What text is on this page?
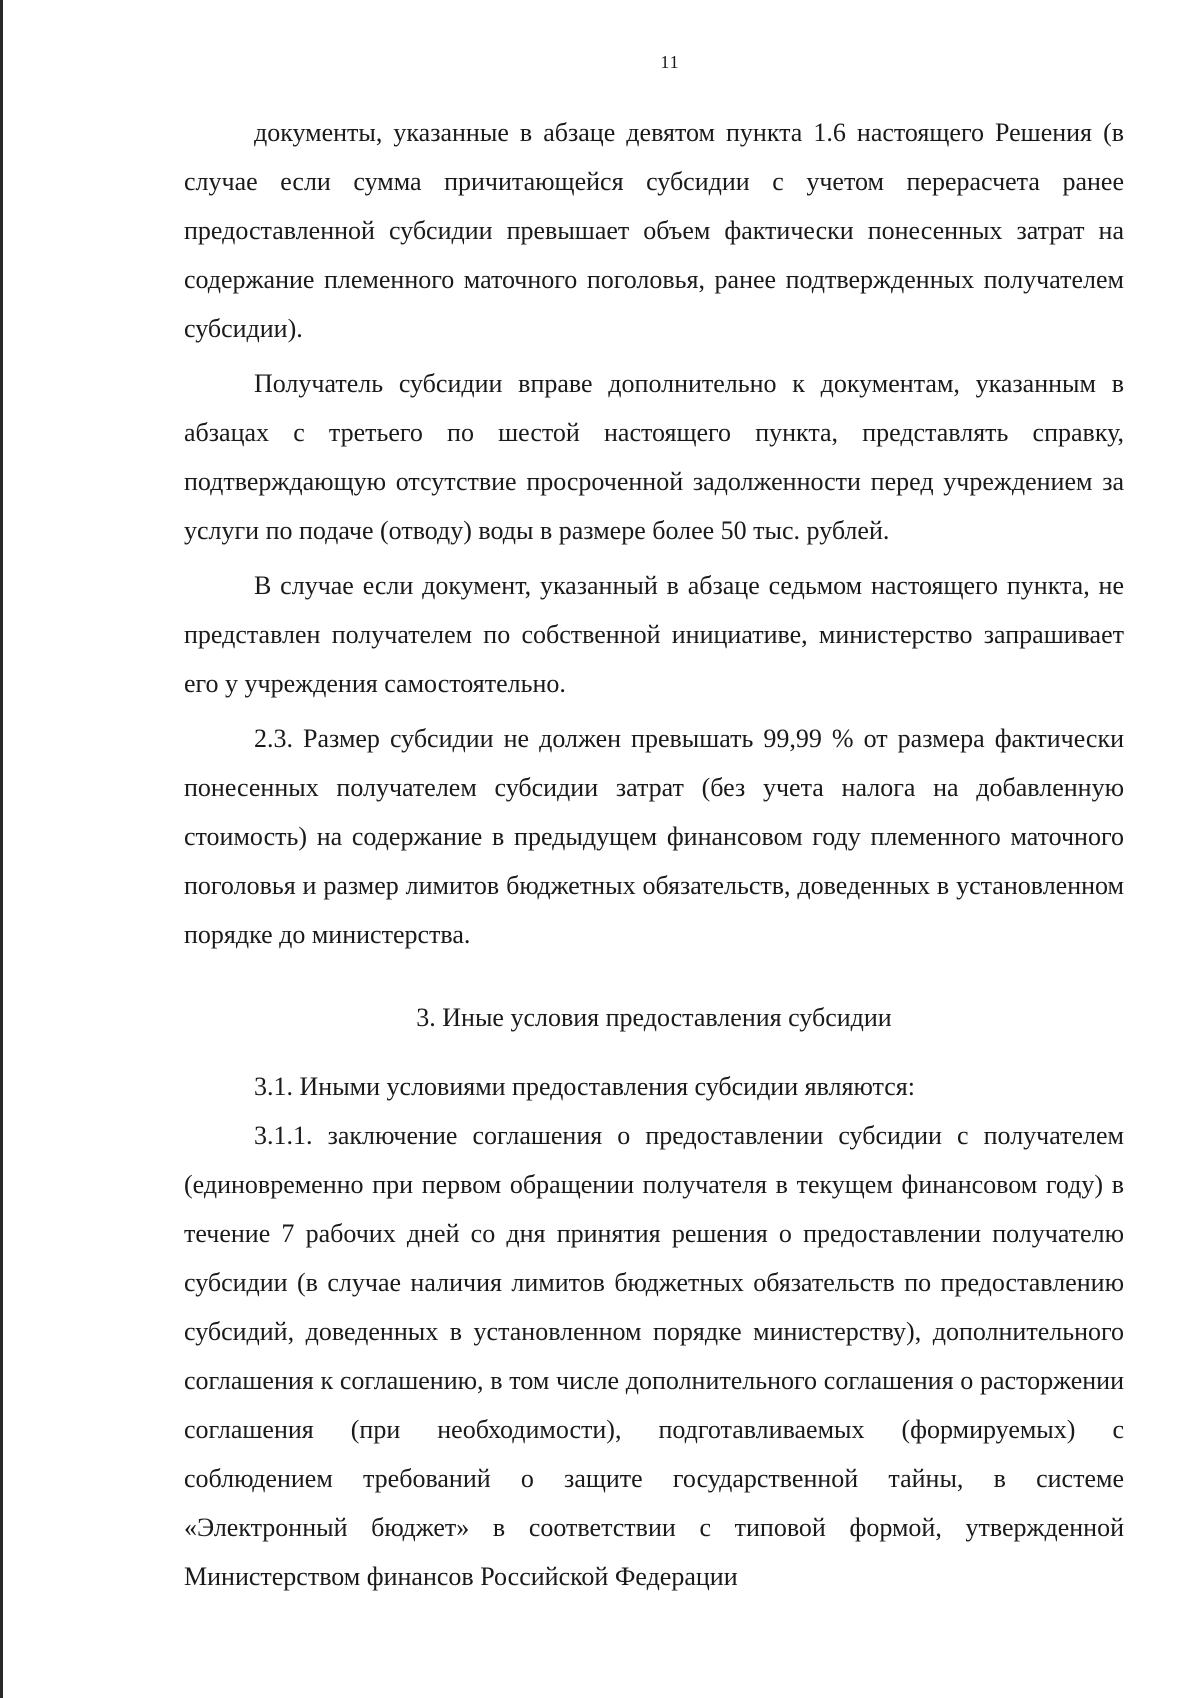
11

документы, указанные в абзаце девятом пункта 1.6 настоящего Решения (в случае если сумма причитающейся субсидии с учетом перерасчета ранее предоставленной субсидии превышает объем фактически понесенных затрат на содержание племенного маточного поголовья, ранее подтвержденных получателем субсидии).

Получатель субсидии вправе дополнительно к документам, указанным в абзацах с третьего по шестой настоящего пункта, представлять справку, подтверждающую отсутствие просроченной задолженности перед учреждением за услуги по подаче (отводу) воды в размере более 50 тыс. рублей.

В случае если документ, указанный в абзаце седьмом настоящего пункта, не представлен получателем по собственной инициативе, министерство запрашивает его у учреждения самостоятельно.

2.3. Размер субсидии не должен превышать 99,99 % от размера фактически понесенных получателем субсидии затрат (без учета налога на добавленную стоимость) на содержание в предыдущем финансовом году племенного маточного поголовья и размер лимитов бюджетных обязательств, доведенных в установленном порядке до министерства.

3. Иные условия предоставления субсидии

3.1. Иными условиями предоставления субсидии являются:

3.1.1. заключение соглашения о предоставлении субсидии с получателем (единовременно при первом обращении получателя в текущем финансовом году) в течение 7 рабочих дней со дня принятия решения о предоставлении получателю субсидии (в случае наличия лимитов бюджетных обязательств по предоставлению субсидий, доведенных в установленном порядке министерству), дополнительного соглашения к соглашению, в том числе дополнительного соглашения о расторжении соглашения (при необходимости), подготавливаемых (формируемых) с соблюдением требований о защите государственной тайны, в системе «Электронный бюджет» в соответствии с типовой формой, утвержденной Министерством финансов Российской Федерации
